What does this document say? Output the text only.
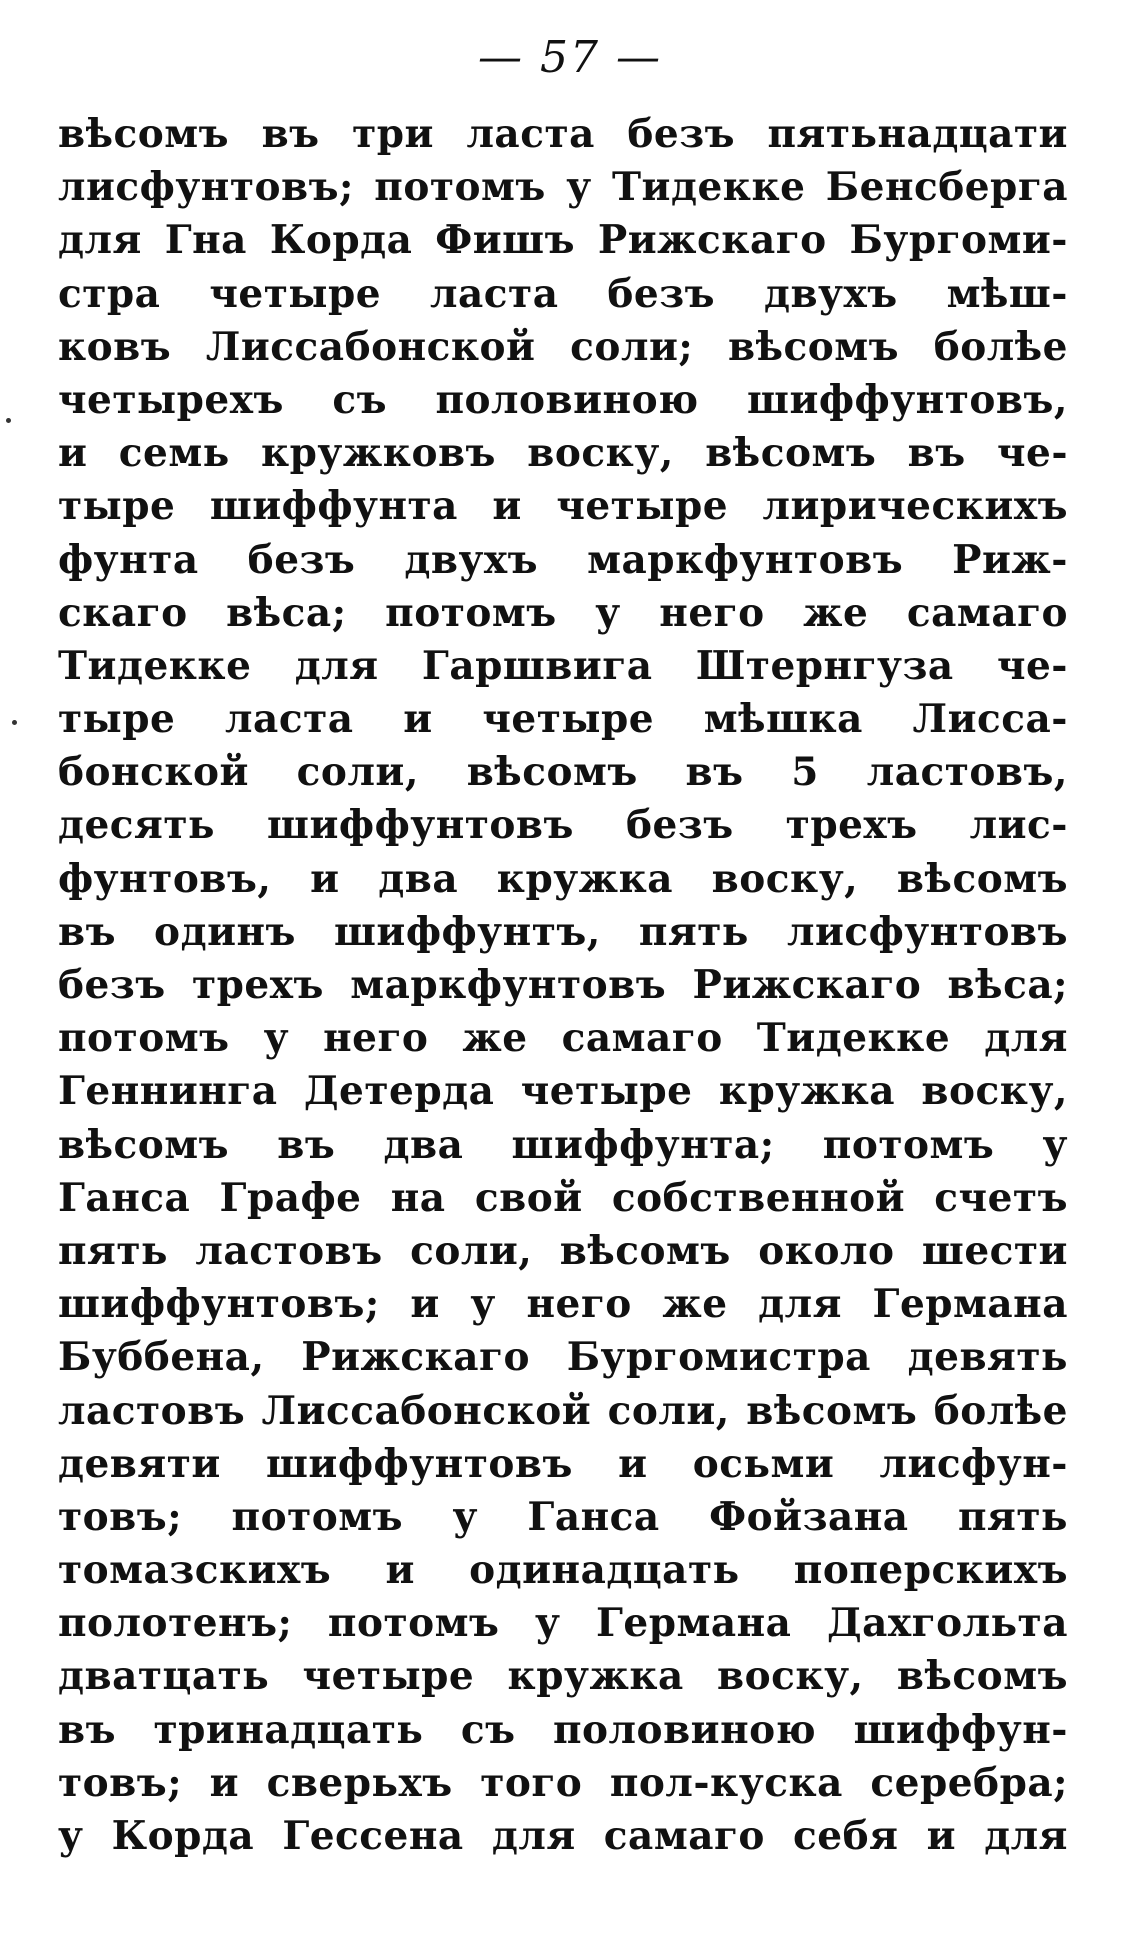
— 57 —
вѣсомъ въ три ласта безъ пятьнадцати
лисфунтовъ; потомъ у Тидекке Бенсберга
для Гна Корда Фишъ Рижскаго Бургоми-
стра четыре ласта безъ двухъ мѣш-
ковъ Лиссабонской соли; вѣсомъ болѣе
четырехъ съ половиною шиффунтовъ,
и семь кружковъ воску, вѣсомъ въ че-
тыре шиффунта и четыре лирическихъ
фунта безъ двухъ маркфунтовъ Риж-
скаго вѣса; потомъ у него же самаго
Тидекке для Гаршвига Штернгуза че-
тыре ласта и четыре мѣшка Лисса-
бонской соли, вѣсомъ въ 5 ластовъ,
десять шиффунтовъ безъ трехъ лис-
фунтовъ, и два кружка воску, вѣсомъ
въ одинъ шиффунтъ, пять лисфунтовъ
безъ трехъ маркфунтовъ Рижскаго вѣса;
потомъ у него же самаго Тидекке для
Геннинга Детерда четыре кружка воску,
вѣсомъ въ два шиффунта; потомъ у
Ганса Графе на свой собственной счетъ
пять ластовъ соли, вѣсомъ около шести
шиффунтовъ; и у него же для Германа
Буббена, Рижскаго Бургомистра девять
ластовъ Лиссабонской соли, вѣсомъ болѣе
девяти шиффунтовъ и осьми лисфун-
товъ; потомъ у Ганса Фойзана пять
томазскихъ и одинадцать поперскихъ
полотенъ; потомъ у Германа Дахгольта
дватцать четыре кружка воску, вѣсомъ
въ тринадцать съ половиною шиффун-
товъ; и сверьхъ того пол-куска серебра;
у Корда Гессена для самаго себя и для
